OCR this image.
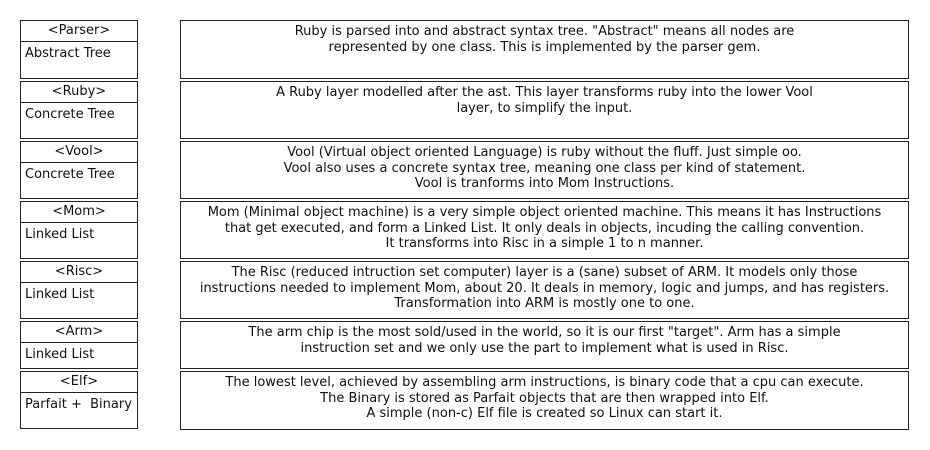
<Parser>
Abstract Tree
Ruby is parsed into and abstract syntax tree. "Abstract" means all nodes are
represented by one class. This is implemented by the parser gem.
<Ruby>
Concrete Tree
A Ruby layer modelled after the ast. This layer transforms ruby into the lower Vool
layer, to simplify the input.
<Vool>
Concrete Tree
Vool (Virtual object oriented Language) is ruby without the fluff. Just simple oo.
Vool also uses a concrete syntax tree, meaning one class per kind of statement.
Vool is tranforms into Mom Instructions.
<Mom>
Linked List
Mom (Minimal object machine) is a very simple object oriented machine. This means it has Instructions
that get executed, and form a Linked List. It only deals in objects, incuding the calling convention.
It transforms into Risc in a simple 1 to n manner.
<Risc>
Linked List
The Risc (reduced intruction set computer) layer is a (sane) subset of ARM. It models only those
instructions needed to implement Mom, about 20. It deals in memory, logic and jumps, and has registers.
Transformation into ARM is mostly one to one.
<Arm>
Linked List
The arm chip is the most sold/used in the world, so it is our first "target". Arm has a simple
instruction set and we only use the part to implement what is used in Risc.
<Elf>
Parfait +  Binary
The lowest level, achieved by assembling arm instructions, is binary code that a cpu can execute.
The Binary is stored as Parfait objects that are then wrapped into Elf.
A simple (non-c) Elf file is created so Linux can start it.
